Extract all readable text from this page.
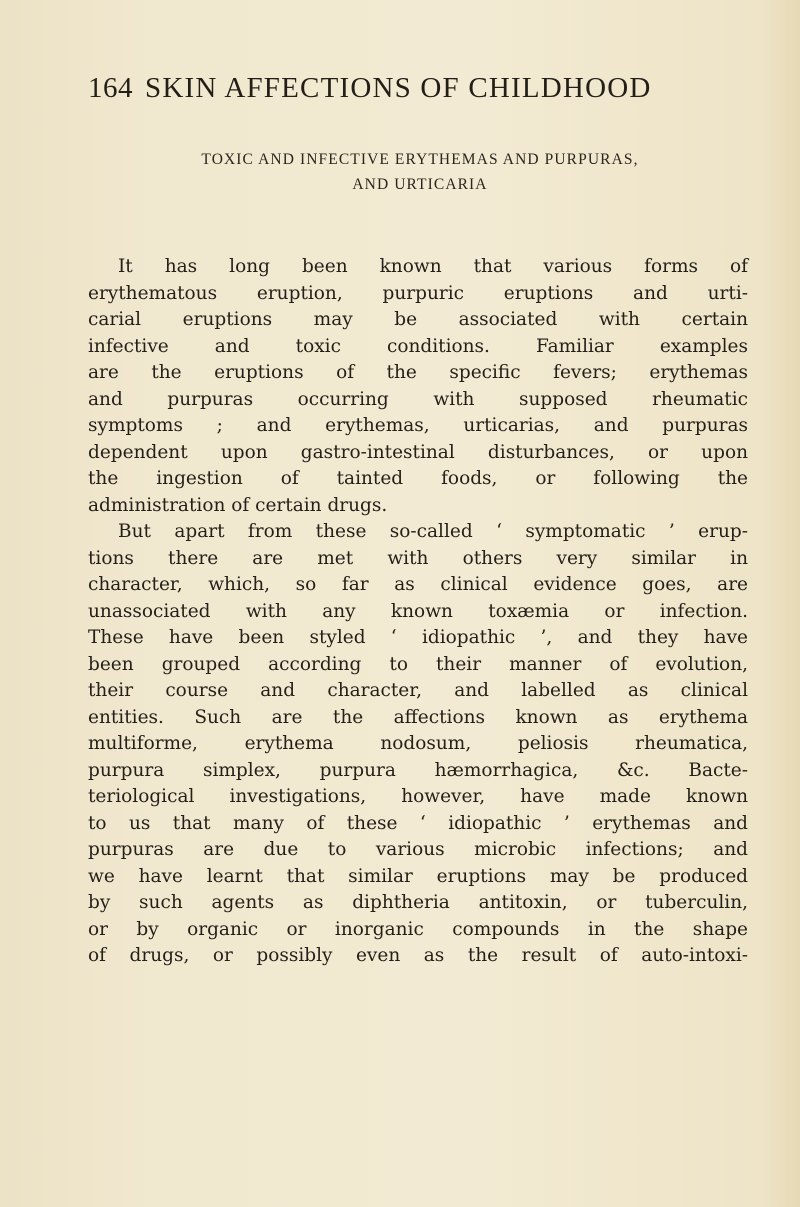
164 SKIN AFFECTIONS OF CHILDHOOD
TOXIC AND INFECTIVE ERYTHEMAS AND PURPURAS,
AND URTICARIA
It has long been known that various forms of
erythematous eruption, purpuric eruptions and urti-
carial eruptions may be associated with certain
infective and toxic conditions. Familiar examples
are the eruptions of the specific fevers; erythemas
and purpuras occurring with supposed rheumatic
symptoms ; and erythemas, urticarias, and purpuras
dependent upon gastro-intestinal disturbances, or upon
the ingestion of tainted foods, or following the
administration of certain drugs.
But apart from these so-called ‘ symptomatic ’ erup-
tions there are met with others very similar in
character, which, so far as clinical evidence goes, are
unassociated with any known toxæmia or infection.
These have been styled ‘ idiopathic ’, and they have
been grouped according to their manner of evolution,
their course and character, and labelled as clinical
entities. Such are the affections known as erythema
multiforme, erythema nodosum, peliosis rheumatica,
purpura simplex, purpura hæmorrhagica, &c. Bacte-
teriological investigations, however, have made known
to us that many of these ‘ idiopathic ’ erythemas and
purpuras are due to various microbic infections; and
we have learnt that similar eruptions may be produced
by such agents as diphtheria antitoxin, or tuberculin,
or by organic or inorganic compounds in the shape
of drugs, or possibly even as the result of auto-intoxi-
